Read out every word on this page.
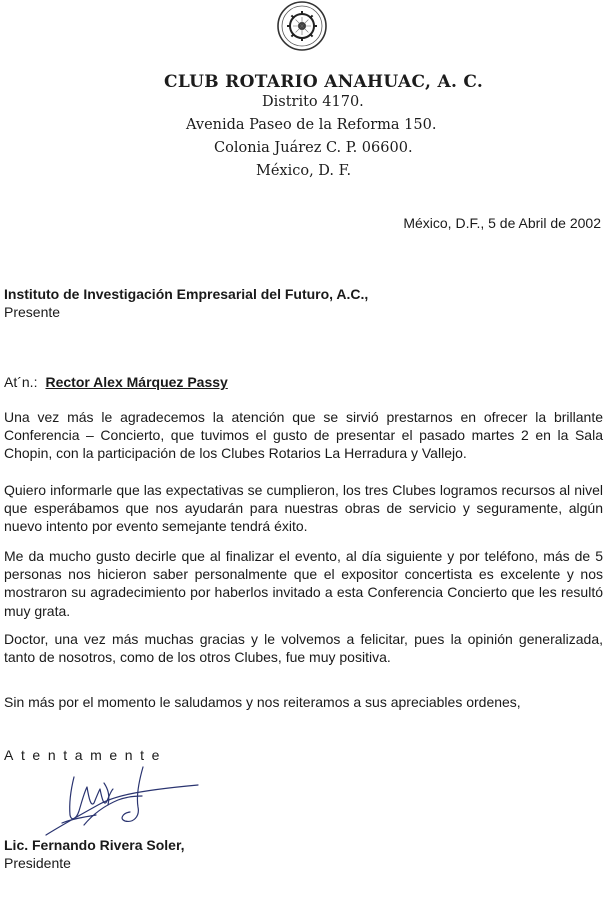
CLUB ROTARIO ANAHUAC, A. C.
Distrito 4170.
Avenida Paseo de la Reforma 150.
Colonia Juárez C. P. 06600.
México, D. F.
México, D.F., 5 de Abril de 2002
Instituto de Investigación Empresarial del Futuro, A.C.,
Presente
At´n.: Rector Alex Márquez Passy
Una vez más le agradecemos la atención que se sirvió prestarnos en ofrecer la brillante Conferencia – Concierto, que tuvimos el gusto de presentar el pasado martes 2 en la Sala Chopin, con la participación de los Clubes Rotarios La Herradura y Vallejo.
Quiero informarle que las expectativas se cumplieron, los tres Clubes logramos recursos al nivel que esperábamos que nos ayudarán para nuestras obras de servicio y seguramente, algún nuevo intento por evento semejante tendrá éxito.
Me da mucho gusto decirle que al finalizar el evento, al día siguiente y por teléfono, más de 5 personas nos hicieron saber personalmente que el expositor concertista es excelente y nos mostraron su agradecimiento por haberlos invitado a esta Conferencia Concierto que les resultó muy grata.
Doctor, una vez más muchas gracias y le volvemos a felicitar, pues la opinión generalizada, tanto de nosotros, como de los otros Clubes, fue muy positiva.
Sin más por el momento le saludamos y nos reiteramos a sus apreciables ordenes,
Atentamente
Lic. Fernando Rivera Soler,
Presidente
